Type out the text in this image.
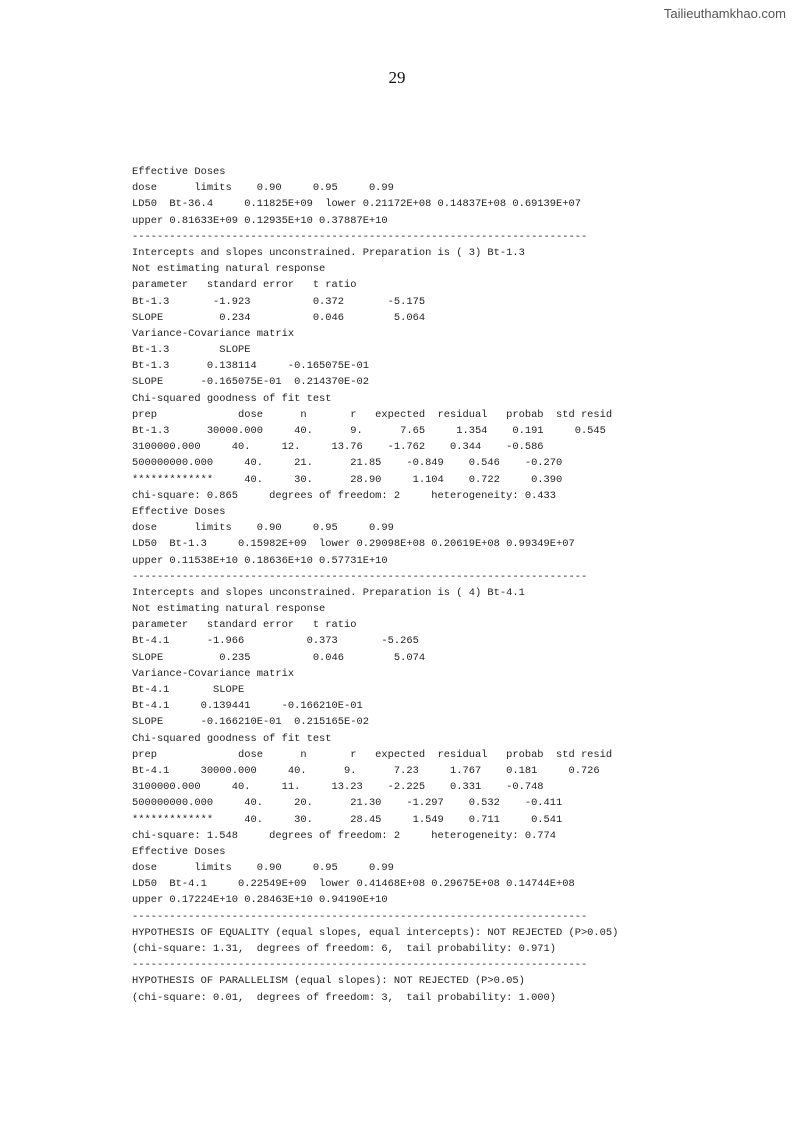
Tailieuthamkhao.com
29
Effective Doses
dose      limits    0.90     0.95     0.99
LD50  Bt-36.4     0.11825E+09  lower 0.21172E+08 0.14837E+08 0.69139E+07
upper 0.81633E+09 0.12935E+10 0.37887E+10
-------------------------------------------------------------------------
Intercepts and slopes unconstrained. Preparation is ( 3) Bt-1.3
Not estimating natural response
parameter   standard error   t ratio
Bt-1.3       -1.923          0.372       -5.175
SLOPE         0.234          0.046        5.064
Variance-Covariance matrix
Bt-1.3        SLOPE
Bt-1.3      0.138114     -0.165075E-01
SLOPE      -0.165075E-01  0.214370E-02
Chi-squared goodness of fit test
prep             dose      n       r   expected  residual   probab  std resid
Bt-1.3      30000.000     40.      9.      7.65     1.354    0.191     0.545
3100000.000     40.     12.     13.76    -1.762    0.344    -0.586
500000000.000     40.     21.      21.85    -0.849    0.546    -0.270
*************     40.     30.      28.90     1.104    0.722     0.390
chi-square: 0.865     degrees of freedom: 2     heterogeneity: 0.433
Effective Doses
dose      limits    0.90     0.95     0.99
LD50  Bt-1.3     0.15982E+09  lower 0.29098E+08 0.20619E+08 0.99349E+07
upper 0.11538E+10 0.18636E+10 0.57731E+10
-------------------------------------------------------------------------
Intercepts and slopes unconstrained. Preparation is ( 4) Bt-4.1
Not estimating natural response
parameter   standard error   t ratio
Bt-4.1      -1.966          0.373       -5.265
SLOPE         0.235          0.046        5.074
Variance-Covariance matrix
Bt-4.1       SLOPE
Bt-4.1     0.139441     -0.166210E-01
SLOPE      -0.166210E-01  0.215165E-02
Chi-squared goodness of fit test
prep             dose      n       r   expected  residual   probab  std resid
Bt-4.1     30000.000     40.      9.      7.23     1.767    0.181     0.726
3100000.000     40.     11.     13.23    -2.225    0.331    -0.748
500000000.000     40.     20.      21.30    -1.297    0.532    -0.411
*************     40.     30.      28.45     1.549    0.711     0.541
chi-square: 1.548     degrees of freedom: 2     heterogeneity: 0.774
Effective Doses
dose      limits    0.90     0.95     0.99
LD50  Bt-4.1     0.22549E+09  lower 0.41468E+08 0.29675E+08 0.14744E+08
upper 0.17224E+10 0.28463E+10 0.94190E+10
-------------------------------------------------------------------------
HYPOTHESIS OF EQUALITY (equal slopes, equal intercepts): NOT REJECTED (P>0.05)
(chi-square: 1.31,  degrees of freedom: 6,  tail probability: 0.971)
-------------------------------------------------------------------------
HYPOTHESIS OF PARALLELISM (equal slopes): NOT REJECTED (P>0.05)
(chi-square: 0.01,  degrees of freedom: 3,  tail probability: 1.000)
